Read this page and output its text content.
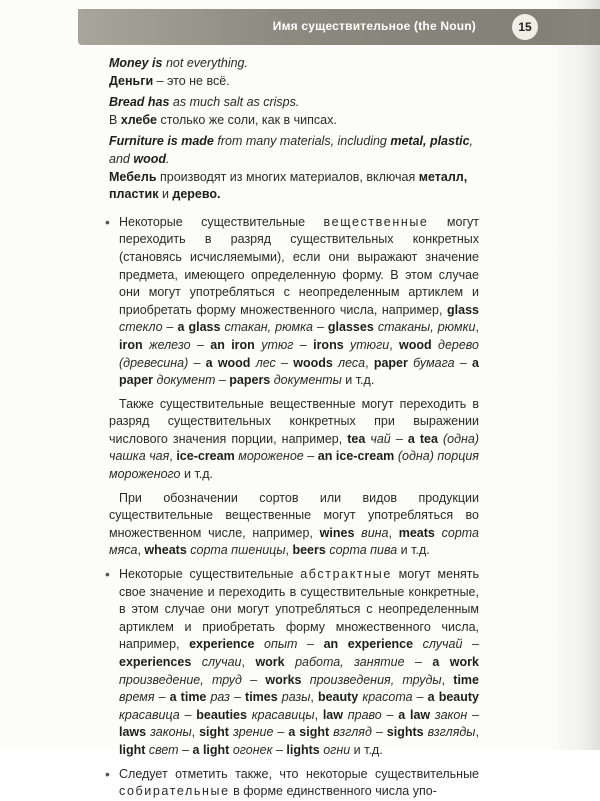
Имя существительное (the Noun)	15

Money is not everything.

Деньги – это не всё.

Bread has as much salt as crisps.

В хлебе столько же соли, как в чипсах.

Furniture is made from many materials, including metal, plastic, and wood.

Мебель производят из многих материалов, включая металл, пластик и дерево.

• Некоторые существительные вещественные могут переходить в разряд существительных конкретных (становясь исчисляемыми), если они выражают значение предмета, имеющего определенную форму. В этом случае они могут употребляться с неопределенным артиклем и приобретать форму множественного числа, например, glass стекло – a glass стакан, рюмка – glasses стаканы, рюмки, iron железо – an iron утюг – irons утюги, wood дерево (древесина) – a wood лес – woods леса, paper бумага – a paper документ – papers документы и т.д.

Также существительные вещественные могут переходить в разряд существительных конкретных при выражении числового значения порции, например, tea чай – a tea (одна) чашка чая, ice-cream мороженое – an ice-cream (одна) порция мороженого и т.д.

При обозначении сортов или видов продукции существительные вещественные могут употребляться во множественном числе, например, wines вина, meats сорта мяса, wheats сорта пшеницы, beers сорта пива и т.д.

• Некоторые существительные абстрактные могут менять свое значение и переходить в существительные конкретные, в этом случае они могут употребляться с неопределенным артиклем и приобретать форму множественного числа, например, experience опыт – an experience случай – experiences случаи, work работа, занятие – a work произведение, труд – works произведения, труды, time время – a time раз – times разы, beauty красота – a beauty красавица – beauties красавицы, law право – a law закон – laws законы, sight зрение – a sight взгляд – sights взгляды, light свет – a light огонек – lights огни и т.д.

• Следует отметить также, что некоторые существительные собирательные в форме единственного числа упо-
